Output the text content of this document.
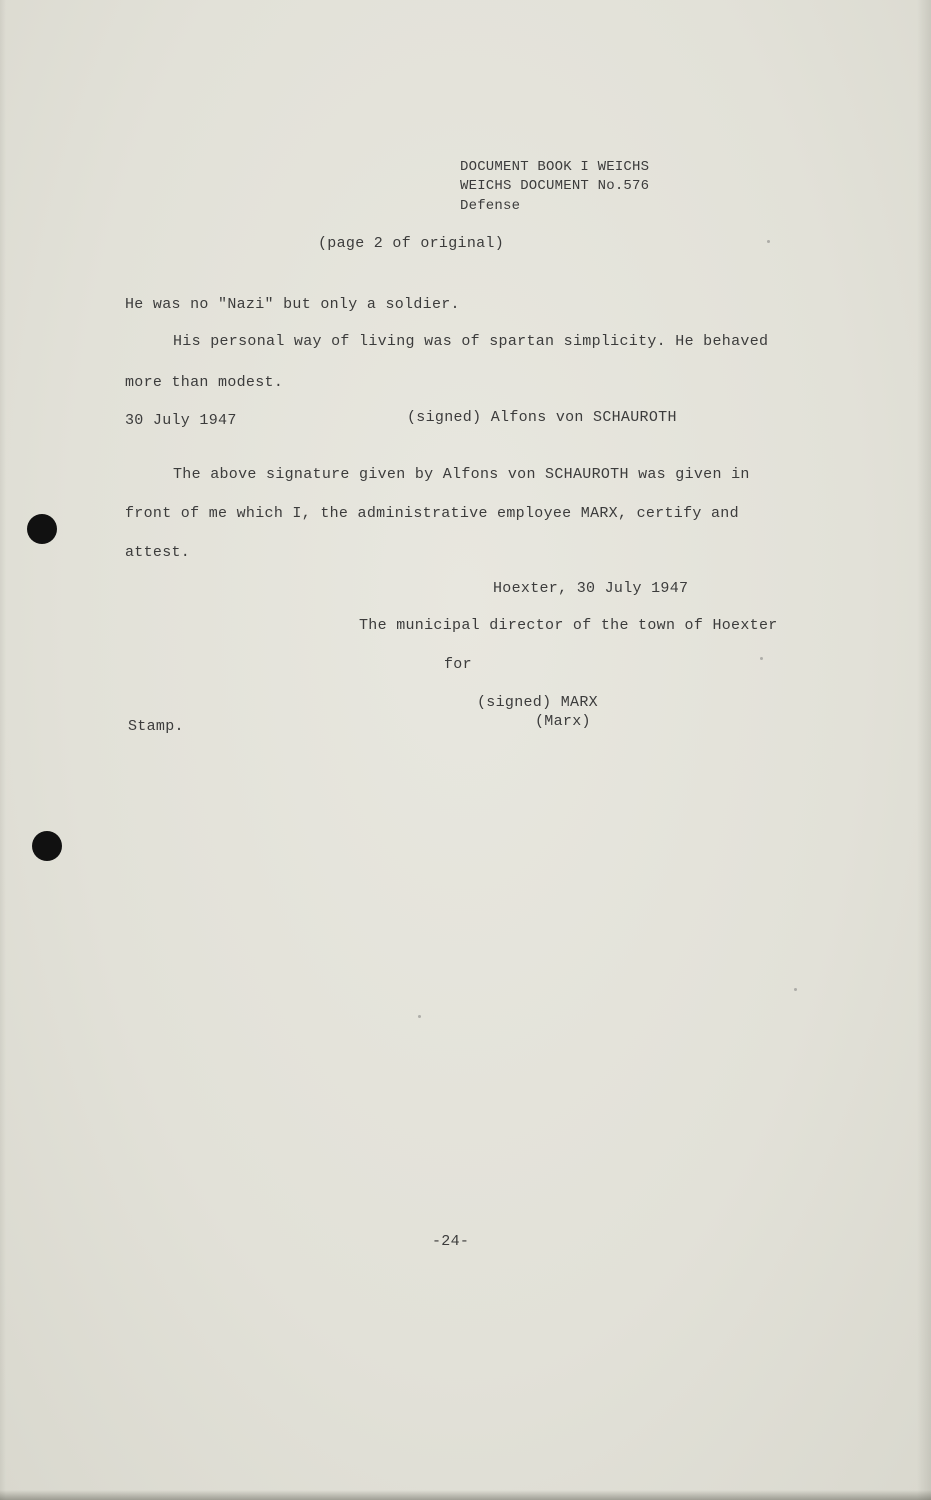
DOCUMENT BOOK I WEICHS
WEICHS DOCUMENT No.576
Defense
(page 2 of original)
He was no "Nazi" but only a soldier.
His personal way of living was of spartan simplicity. He behaved
more than modest.
30 July 1947	(signed) Alfons von SCHAUROTH
The above signature given by Alfons von SCHAUROTH was given in
front of me which I, the administrative employee MARX, certify and
attest.
Hoexter, 30 July 1947
The municipal director of the town of Hoexter
for
(signed) MARX
(Marx)
Stamp.
-24-
